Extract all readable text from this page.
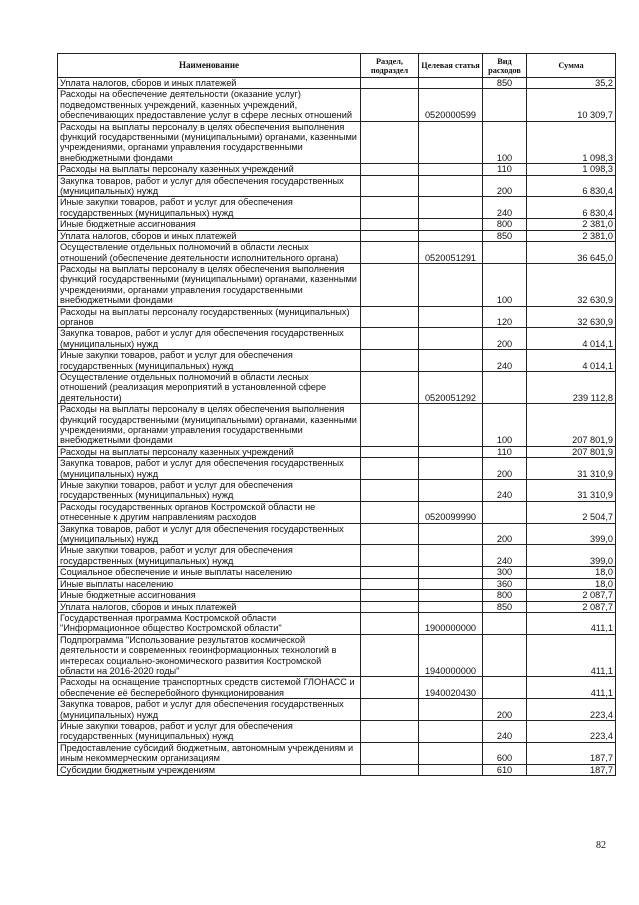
Наименование	Раздел, подраздел	Целевая статья	Вид расходов	Сумма
Уплата налогов, сборов и иных платежей			850	35,2
Расходы на обеспечение деятельности (оказание услуг) подведомственных учреждений, казенных учреждений, обеспечивающих предоставление услуг в сфере лесных отношений		0520000599		10 309,7
Расходы на выплаты персоналу в целях обеспечения выполнения функций государственными (муниципальными) органами, казенными учреждениями, органами управления государственными внебюджетными фондами			100	1 098,3
Расходы на выплаты персоналу казенных учреждений			110	1 098,3
Закупка товаров, работ и услуг для обеспечения государственных (муниципальных) нужд			200	6 830,4
Иные закупки товаров, работ и услуг для обеспечения государственных (муниципальных) нужд			240	6 830,4
Иные бюджетные ассигнования			800	2 381,0
Уплата налогов, сборов и иных платежей			850	2 381,0
Осуществление отдельных полномочий в области лесных отношений (обеспечение деятельности исполнительного органа)		0520051291		36 645,0
Расходы на выплаты персоналу в целях обеспечения выполнения функций государственными (муниципальными) органами, казенными учреждениями, органами управления государственными внебюджетными фондами			100	32 630,9
Расходы на выплаты персоналу государственных (муниципальных) органов			120	32 630,9
Закупка товаров, работ и услуг для обеспечения государственных (муниципальных) нужд			200	4 014,1
Иные закупки товаров, работ и услуг для обеспечения государственных (муниципальных) нужд			240	4 014,1
Осуществление отдельных полномочий в области лесных отношений (реализация мероприятий в установленной сфере деятельности)		0520051292		239 112,8
Расходы на выплаты персоналу в целях обеспечения выполнения функций государственными (муниципальными) органами, казенными учреждениями, органами управления государственными внебюджетными фондами			100	207 801,9
Расходы на выплаты персоналу казенных учреждений			110	207 801,9
Закупка товаров, работ и услуг для обеспечения государственных (муниципальных) нужд			200	31 310,9
Иные закупки товаров, работ и услуг для обеспечения государственных (муниципальных) нужд			240	31 310,9
Расходы государственных органов Костромской области не отнесенные к другим направлениям расходов		0520099990		2 504,7
Закупка товаров, работ и услуг для обеспечения государственных (муниципальных) нужд			200	399,0
Иные закупки товаров, работ и услуг для обеспечения государственных (муниципальных) нужд			240	399,0
Социальное обеспечение и иные выплаты населению			300	18,0
Иные выплаты населению			360	18,0
Иные бюджетные ассигнования			800	2 087,7
Уплата налогов, сборов и иных платежей			850	2 087,7
Государственная программа Костромской области "Информационное общество Костромской области"		1900000000		411,1
Подпрограмма "Использование результатов космической деятельности и современных геоинформационных технологий в интересах социально-экономического развития Костромской области на 2016-2020 годы"		1940000000		411,1
Расходы на оснащение транспортных средств системой ГЛОНАСС и обеспечение её бесперебойного функционирования		1940020430		411,1
Закупка товаров, работ и услуг для обеспечения государственных (муниципальных) нужд			200	223,4
Иные закупки товаров, работ и услуг для обеспечения государственных (муниципальных) нужд			240	223,4
Предоставление субсидий бюджетным, автономным учреждениям и иным некоммерческим организациям			600	187,7
Субсидии бюджетным учреждениям			610	187,7
82
